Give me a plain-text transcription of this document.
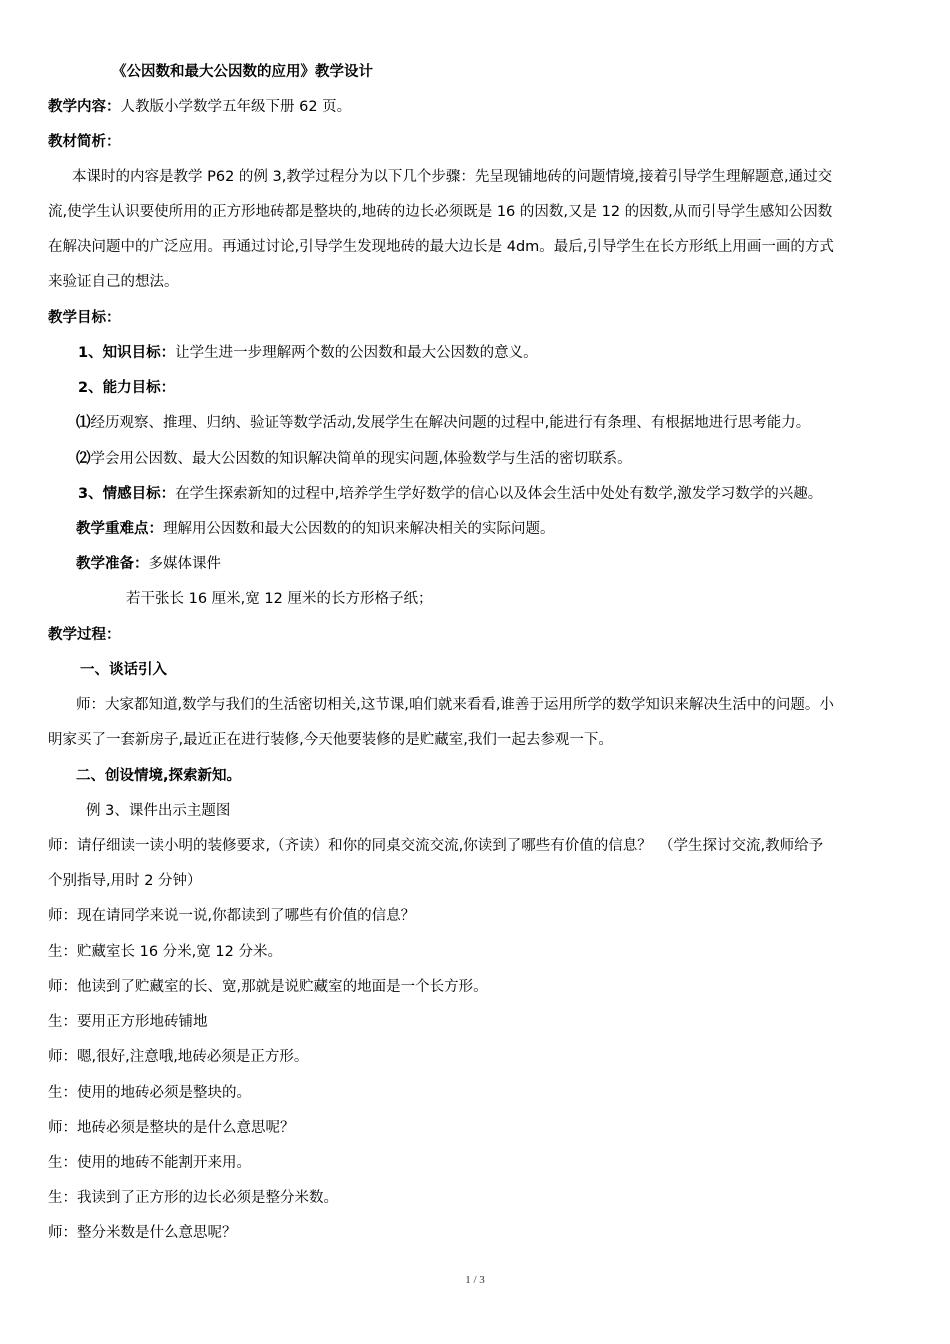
《公因数和最大公因数的应用》教学设计
教学内容：人教版小学数学五年级下册 62 页。
教材简析：
本课时的内容是教学 P62 的例 3,教学过程分为以下几个步骤：先呈现铺地砖的问题情境,接着引导学生理解题意,通过交
流,使学生认识要使所用的正方形地砖都是整块的,地砖的边长必须既是 16 的因数,又是 12 的因数,从而引导学生感知公因数
在解决问题中的广泛应用。再通过讨论,引导学生发现地砖的最大边长是 4dm。最后,引导学生在长方形纸上用画一画的方式
来验证自己的想法。
教学目标：
1、知识目标：让学生进一步理解两个数的公因数和最大公因数的意义。
2、能力目标：
⑴经历观察、推理、归纳、验证等数学活动,发展学生在解决问题的过程中,能进行有条理、有根据地进行思考能力。
⑵学会用公因数、最大公因数的知识解决简单的现实问题,体验数学与生活的密切联系。
3、情感目标：在学生探索新知的过程中,培养学生学好数学的信心以及体会生活中处处有数学,激发学习数学的兴趣。
教学重难点：理解用公因数和最大公因数的的知识来解决相关的实际问题。
教学准备：多媒体课件
若干张长 16 厘米,宽 12 厘米的长方形格子纸；
教学过程：
一、谈话引入
师：大家都知道,数学与我们的生活密切相关,这节课,咱们就来看看,谁善于运用所学的数学知识来解决生活中的问题。小
明家买了一套新房子,最近正在进行装修,今天他要装修的是贮藏室,我们一起去参观一下。
二、创设情境,探索新知。
例 3、课件出示主题图
师：请仔细读一读小明的装修要求,（齐读）和你的同桌交流交流,你读到了哪些有价值的信息？　（学生探讨交流,教师给予
个别指导,用时 2 分钟）
师：现在请同学来说一说,你都读到了哪些有价值的信息？
生：贮藏室长 16 分米,宽 12 分米。
师：他读到了贮藏室的长、宽,那就是说贮藏室的地面是一个长方形。
生：要用正方形地砖铺地
师：嗯,很好,注意哦,地砖必须是正方形。
生：使用的地砖必须是整块的。
师：地砖必须是整块的是什么意思呢？
生：使用的地砖不能割开来用。
生：我读到了正方形的边长必须是整分米数。
师：整分米数是什么意思呢？
1 / 3
